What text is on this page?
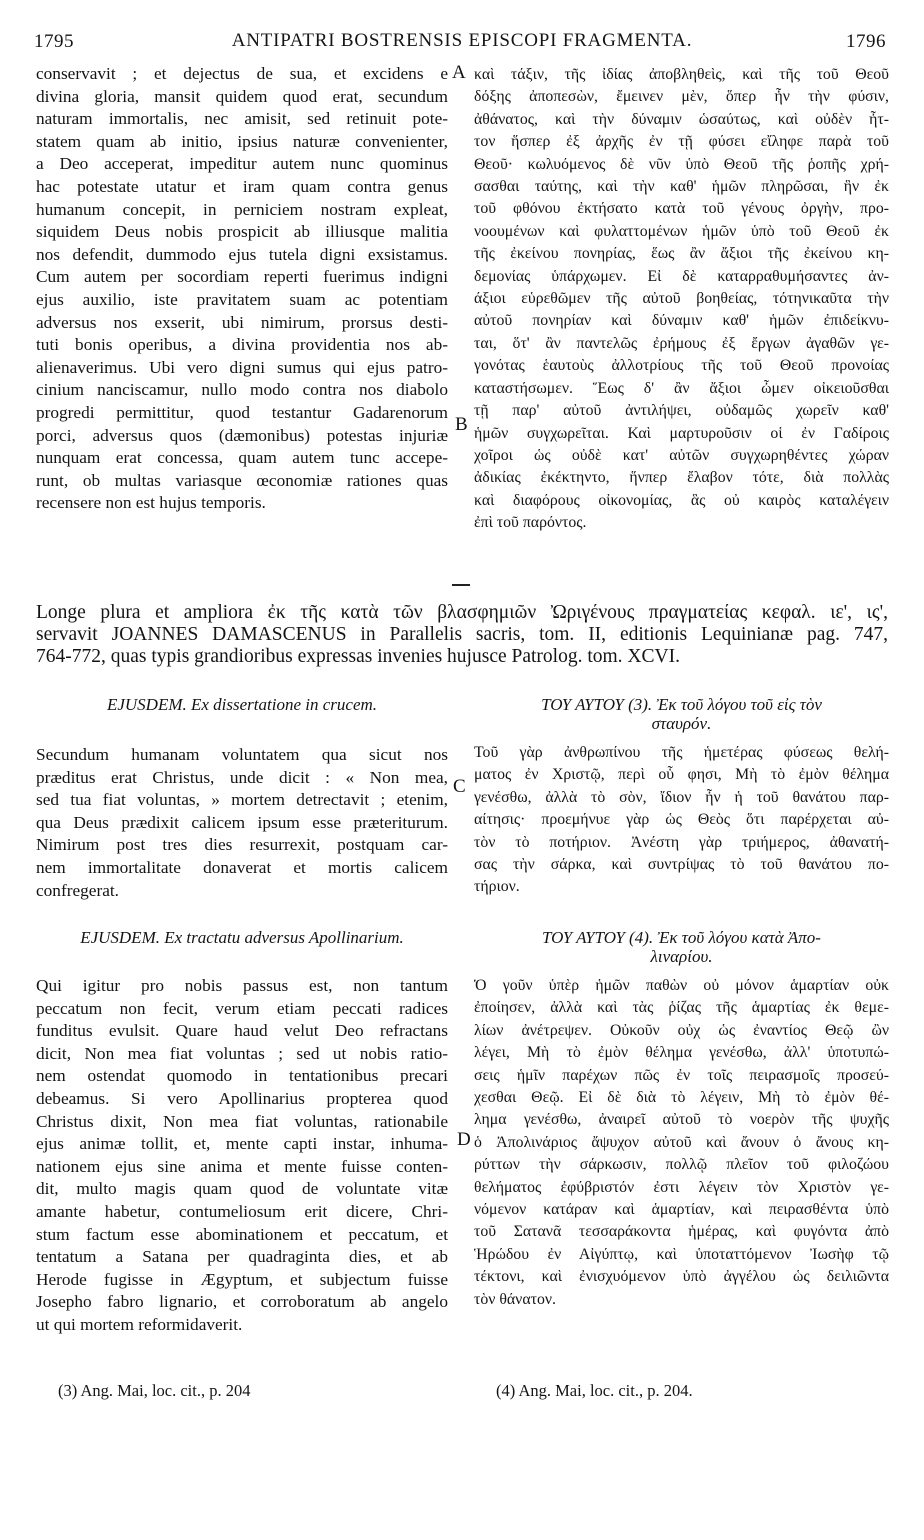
1795	ANTIPATRI BOSTRENSIS EPISCOPI FRAGMENTA.	1796
conservavit ; et dejectus de sua, et excidens e
divina gloria, mansit quidem quod erat, secundum
naturam immortalis, nec amisit, sed retinuit pote-
statem quam ab initio, ipsius naturæ convenienter,
a Deo acceperat, impeditur autem nunc quominus
hac potestate utatur et iram quam contra genus
humanum concepit, in perniciem nostram expleat,
siquidem Deus nobis prospicit ab illiusque malitia
nos defendit, dummodo ejus tutela digni exsistamus.
Cum autem per socordiam reperti fuerimus indigni
ejus auxilio, iste pravitatem suam ac potentiam
adversus nos exserit, ubi nimirum, prorsus desti-
tuti bonis operibus, a divina providentia nos ab-
alienaverimus. Ubi vero digni sumus qui ejus patro-
cinium nanciscamur, nullo modo contra nos diabolo
progredi permittitur, quod testantur Gadarenorum
porci, adversus quos (dæmonibus) potestas injuriæ
nunquam erat concessa, quam autem tunc accepe-
runt, ob multas variasque œconomiæ rationes quas
recensere non est hujus temporis.
A
B
C
D
καὶ τάξιν, τῆς ἰδίας ἀποβληθεὶς, καὶ τῆς τοῦ Θεοῦ
δόξης ἀποπεσὼν, ἔμεινεν μὲν, ὅπερ ἦν τὴν φύσιν,
ἀθάνατος, καὶ τὴν δύναμιν ὡσαύτως, καὶ οὐδὲν ἦτ-
τον ἥσπερ ἐξ ἀρχῆς ἐν τῇ φύσει εἴληφε παρὰ τοῦ
Θεοῦ· κωλυόμενος δὲ νῦν ὑπὸ Θεοῦ τῆς ῥοπῆς χρή-
σασθαι ταύτης, καὶ τὴν καθ' ἡμῶν πληρῶσαι, ἣν ἐκ
τοῦ φθόνου ἐκτήσατο κατὰ τοῦ γένους ὀργὴν, προ-
νοουμένων καὶ φυλαττομένων ἡμῶν ὑπὸ τοῦ Θεοῦ ἐκ
τῆς ἐκείνου πονηρίας, ἕως ἂν ἄξιοι τῆς ἐκείνου κη-
δεμονίας ὑπάρχωμεν. Εἰ δὲ καταρραθυμήσαντες ἀν-
άξιοι εὑρεθῶμεν τῆς αὐτοῦ βοηθείας, τότηνικαῦτα τὴν
αὐτοῦ πονηρίαν καὶ δύναμιν καθ' ἡμῶν ἐπιδείκνυ-
ται, ὅτ' ἂν παντελῶς ἐρήμους ἐξ ἔργων ἀγαθῶν γε-
γονότας ἑαυτοὺς ἀλλοτρίους τῆς τοῦ Θεοῦ προνοίας
καταστήσωμεν. Ἕως δ' ἂν ἄξιοι ὦμεν οἰκειοῦσθαι
τῇ παρ' αὐτοῦ ἀντιλήψει, οὐδαμῶς χωρεῖν καθ'
ἡμῶν συγχωρεῖται. Καὶ μαρτυροῦσιν οἱ ἐν Γαδίροις
χοῖροι ὡς οὐδὲ κατ' αὐτῶν συγχωρηθέντες χώραν
ἀδικίας ἐκέκτηντο, ἥνπερ ἔλαβον τότε, διὰ πολλὰς
καὶ διαφόρους οἰκονομίας, ἃς οὐ καιρὸς καταλέγειν
ἐπὶ τοῦ παρόντος.
Longe plura et ampliora ἐκ τῆς κατὰ τῶν βλασφημιῶν Ὠριγένους πραγματείας κεφαλ. ιε', ις',
servavit JOANNES DAMASCENUS in Parallelis sacris, tom. II, editionis Lequinianæ pag. 747,
764-772, quas typis grandioribus expressas invenies hujusce Patrolog. tom. XCVI.
EJUSDEM. Ex dissertatione in crucem.	ΤΟΥ ΑΥΤΟΥ (3). Ἐκ τοῦ λόγου τοῦ εἰς τὸν
σταυρόν.
Secundum humanam voluntatem qua sicut nos
præditus erat Christus, unde dicit : « Non mea,
sed tua fiat voluntas, » mortem detrectavit ; etenim,
qua Deus prædixit calicem ipsum esse præteriturum.
Nimirum post tres dies resurrexit, postquam car-
nem immortalitate donaverat et mortis calicem
confregerat.
Τοῦ γὰρ ἀνθρωπίνου τῆς ἡμετέρας φύσεως θελή-
ματος ἐν Χριστῷ, περὶ οὗ φησι, Μὴ τὸ ἐμὸν θέλημα
γενέσθω, ἀλλὰ τὸ σὸν, ἴδιον ἦν ἡ τοῦ θανάτου παρ-
αίτησις· προεμήνυε γὰρ ὡς Θεὸς ὅτι παρέρχεται αὐ-
τὸν τὸ ποτήριον. Ἀνέστη γὰρ τριήμερος, ἀθανατή-
σας τὴν σάρκα, καὶ συντρίψας τὸ τοῦ θανάτου πο-
τήριον.
EJUSDEM. Ex tractatu adversus Apollinarium.	ΤΟΥ ΑΥΤΟΥ (4). Ἐκ τοῦ λόγου κατὰ Ἀπο-
λιναρίου.
Qui igitur pro nobis passus est, non tantum
peccatum non fecit, verum etiam peccati radices
funditus evulsit. Quare haud velut Deo refractans
dicit, Non mea fiat voluntas ; sed ut nobis ratio-
nem ostendat quomodo in tentationibus precari
debeamus. Si vero Apollinarius propterea quod
Christus dixit, Non mea fiat voluntas, rationabile
ejus animæ tollit, et, mente capti instar, inhuma-
nationem ejus sine anima et mente fuisse conten-
dit, multo magis quam quod de voluntate vitæ
amante habetur, contumeliosum erit dicere, Chri-
stum factum esse abominationem et peccatum, et
tentatum a Satana per quadraginta dies, et ab
Herode fugisse in Ægyptum, et subjectum fuisse
Josepho fabro lignario, et corroboratum ab angelo
ut qui mortem reformidaverit.
Ὁ γοῦν ὑπὲρ ἡμῶν παθὼν οὐ μόνον ἁμαρτίαν οὐκ
ἐποίησεν, ἀλλὰ καὶ τὰς ῥίζας τῆς ἁμαρτίας ἐκ θεμε-
λίων ἀνέτρεψεν. Οὐκοῦν οὐχ ὡς ἐναντίος Θεῷ ὢν
λέγει, Μὴ τὸ ἐμὸν θέλημα γενέσθω, ἀλλ' ὑποτυπώ-
σεις ἡμῖν παρέχων πῶς ἐν τοῖς πειρασμοῖς προσεύ-
χεσθαι Θεῷ. Εἰ δὲ διὰ τὸ λέγειν, Μὴ τὸ ἐμὸν θέ-
λημα γενέσθω, ἀναιρεῖ αὐτοῦ τὸ νοερὸν τῆς ψυχῆς
ὁ Ἀπολινάριος ἄψυχον αὐτοῦ καὶ ἄνουν ὁ ἄνους κη-
ρύττων τὴν σάρκωσιν, πολλῷ πλεῖον τοῦ φιλοζώου
θελήματος ἐφύβριστόν ἐστι λέγειν τὸν Χριστὸν γε-
νόμενον κατάραν καὶ ἁμαρτίαν, καὶ πειρασθέντα ὑπὸ
τοῦ Σατανᾶ τεσσαράκοντα ἡμέρας, καὶ φυγόντα ἀπὸ
Ἡρώδου ἐν Αἰγύπτῳ, καὶ ὑποταττόμενον Ἰωσὴφ τῷ
τέκτονι, καὶ ἐνισχυόμενον ὑπὸ ἀγγέλου ὡς δειλιῶντα
τὸν θάνατον.
(3) Ang. Mai, loc. cit., p. 204	(4) Ang. Mai, loc. cit., p. 204.
